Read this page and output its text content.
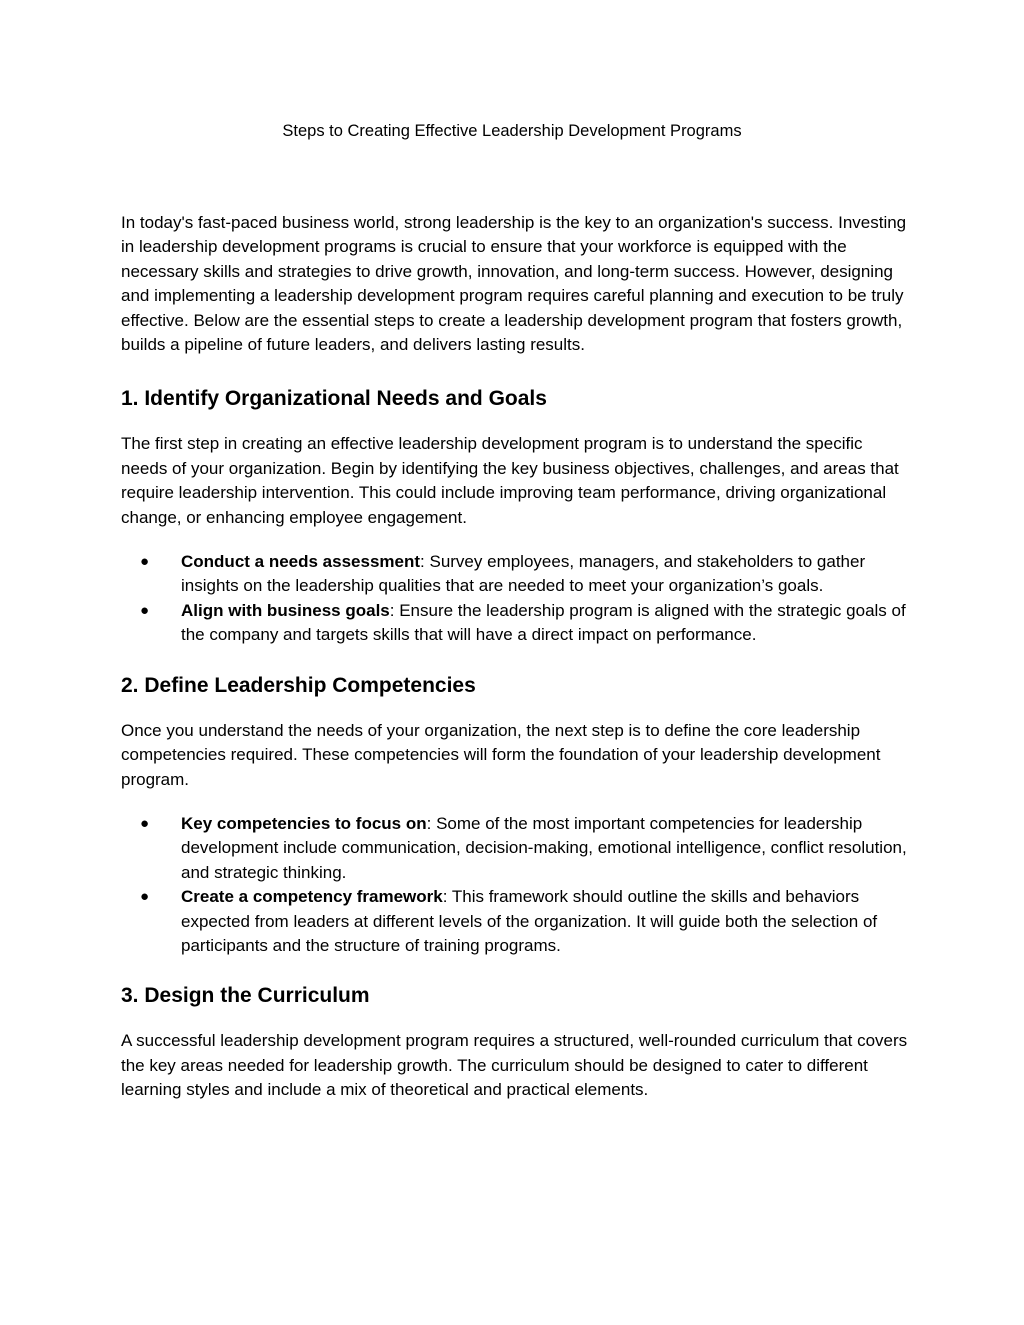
Steps to Creating Effective Leadership Development Programs

In today's fast-paced business world, strong leadership is the key to an organization's success. Investing in leadership development programs is crucial to ensure that your workforce is equipped with the necessary skills and strategies to drive growth, innovation, and long-term success. However, designing and implementing a leadership development program requires careful planning and execution to be truly effective. Below are the essential steps to create a leadership development program that fosters growth, builds a pipeline of future leaders, and delivers lasting results.

1. Identify Organizational Needs and Goals

The first step in creating an effective leadership development program is to understand the specific needs of your organization. Begin by identifying the key business objectives, challenges, and areas that require leadership intervention. This could include improving team performance, driving organizational change, or enhancing employee engagement.

● Conduct a needs assessment: Survey employees, managers, and stakeholders to gather insights on the leadership qualities that are needed to meet your organization’s goals.
● Align with business goals: Ensure the leadership program is aligned with the strategic goals of the company and targets skills that will have a direct impact on performance.
2. Define Leadership Competencies

Once you understand the needs of your organization, the next step is to define the core leadership competencies required. These competencies will form the foundation of your leadership development program.

● Key competencies to focus on: Some of the most important competencies for leadership development include communication, decision-making, emotional intelligence, conflict resolution, and strategic thinking.
● Create a competency framework: This framework should outline the skills and behaviors expected from leaders at different levels of the organization. It will guide both the selection of participants and the structure of training programs.
3. Design the Curriculum

A successful leadership development program requires a structured, well-rounded curriculum that covers the key areas needed for leadership growth. The curriculum should be designed to cater to different learning styles and include a mix of theoretical and practical elements.
